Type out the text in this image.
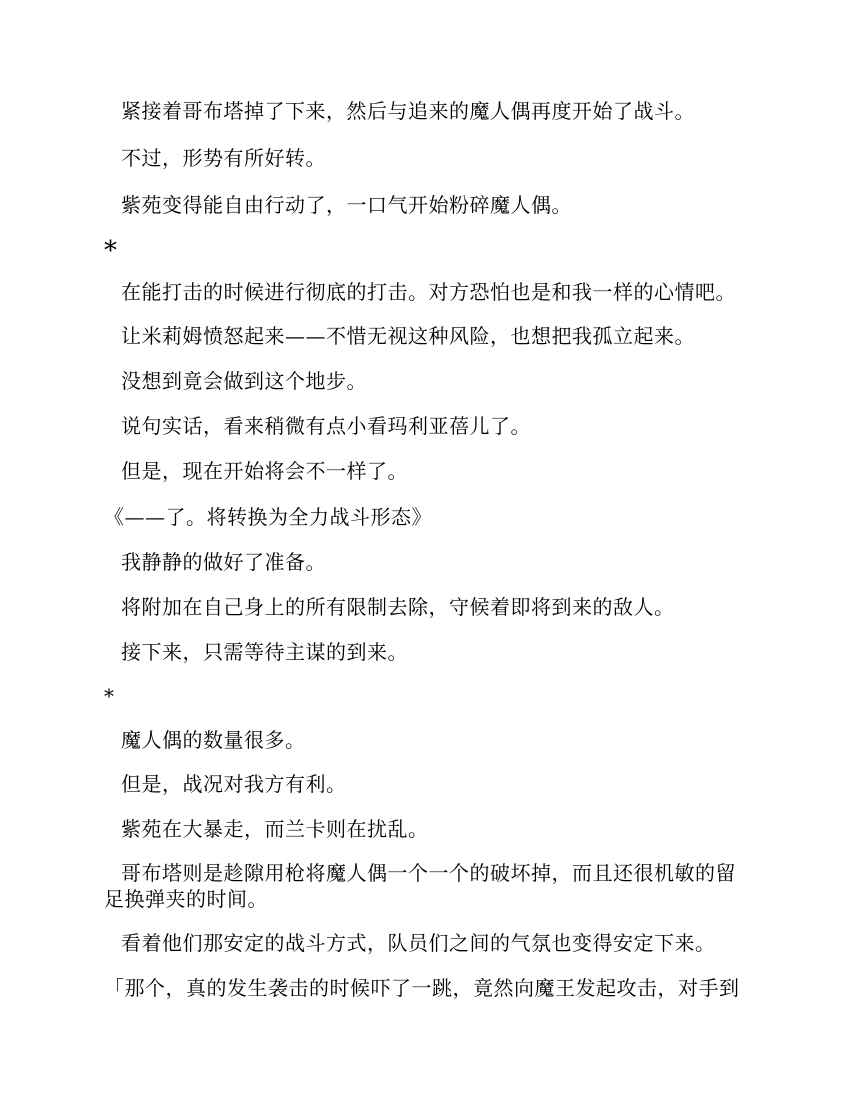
紧接着哥布塔掉了下来，然后与追来的魔人偶再度开始了战斗。
不过，形势有所好转。
紫苑变得能自由行动了，一口气开始粉碎魔人偶。
*
在能打击的时候进行彻底的打击。对方恐怕也是和我一样的心情吧。
让米莉姆愤怒起来——不惜无视这种风险，也想把我孤立起来。
没想到竟会做到这个地步。
说句实话，看来稍微有点小看玛利亚蓓儿了。
但是，现在开始将会不一样了。
《——了。将转换为全力战斗形态》
我静静的做好了准备。
将附加在自己身上的所有限制去除，守候着即将到来的敌人。
接下来，只需等待主谋的到来。
*
魔人偶的数量很多。
但是，战况对我方有利。
紫苑在大暴走，而兰卡则在扰乱。
哥布塔则是趁隙用枪将魔人偶一个一个的破坏掉，而且还很机敏的留足换弹夹的时间。
看着他们那安定的战斗方式，队员们之间的气氛也变得安定下来。
「那个，真的发生袭击的时候吓了一跳，竟然向魔王发起攻击，对手到
